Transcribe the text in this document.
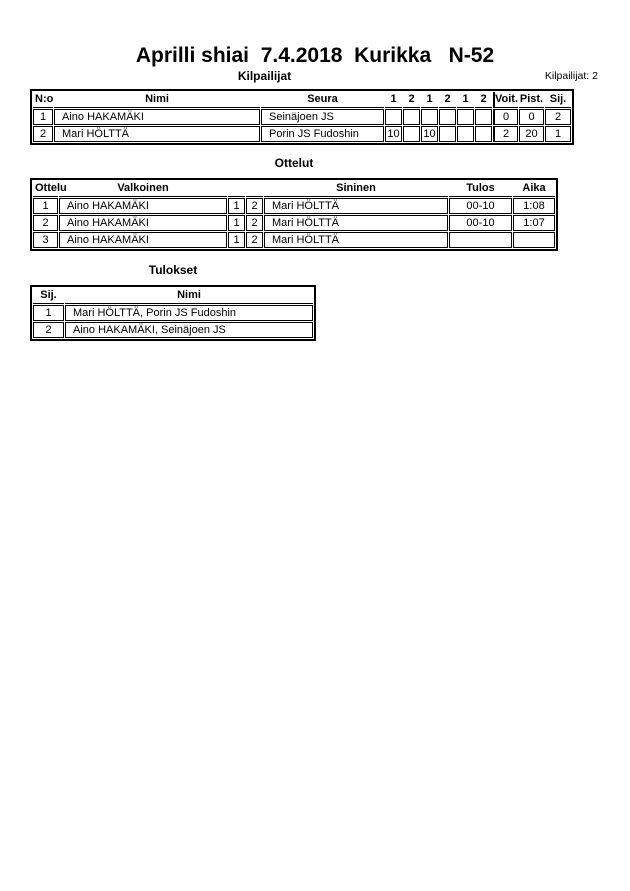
Aprilli shiai  7.4.2018  Kurikka   N-52
Kilpailijat	Kilpailijat: 2
N:o	Nimi	Seura	1	2	1	2	1	2	Voit.	Pist.	Sij.
1	Aino HAKAMÄKI	Seinäjoen JS							0	0	2
2	Mari HÖLTTÄ	Porin JS Fudoshin	10		10				2	20	1
Ottelut
Ottelu	Valkoinen			Sininen	Tulos	Aika
1	Aino HAKAMÄKI	1	2	Mari HÖLTTÄ	00-10	1:08
2	Aino HAKAMÄKI	1	2	Mari HÖLTTÄ	00-10	1:07
3	Aino HAKAMÄKI	1	2	Mari HÖLTTÄ		
Tulokset
Sij.	Nimi
1	Mari HÖLTTÄ, Porin JS Fudoshin
2	Aino HAKAMÄKI, Seinäjoen JS
